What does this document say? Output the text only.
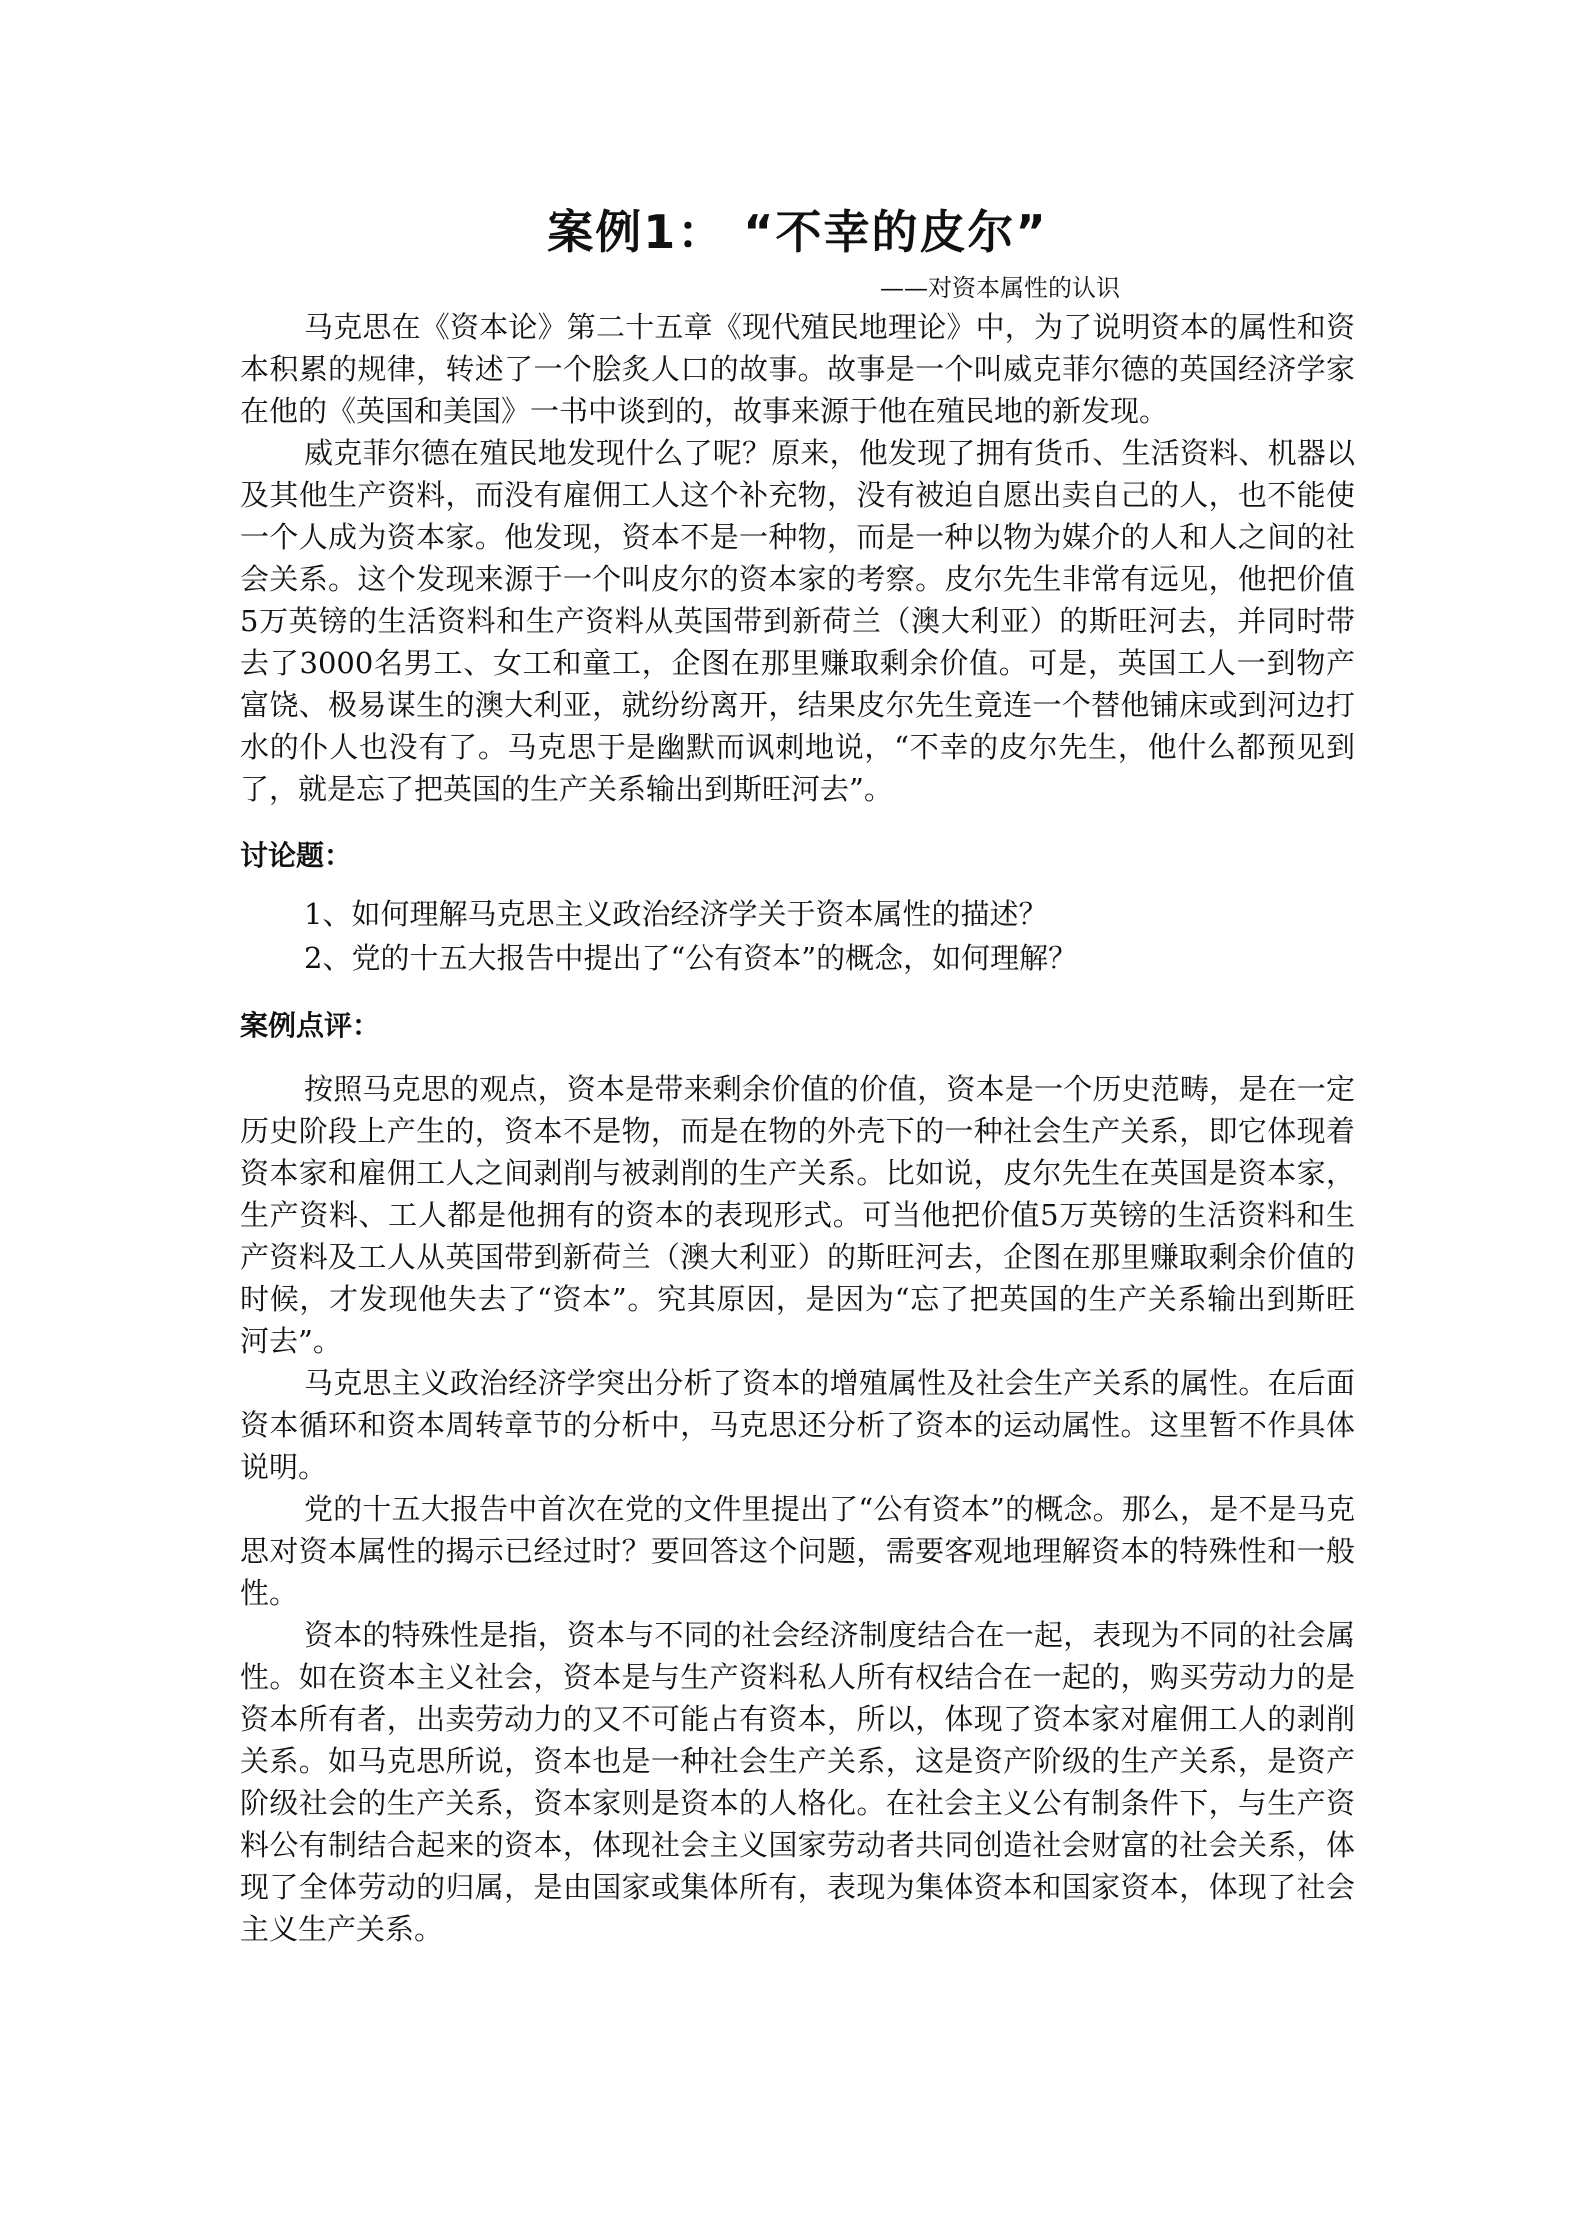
案例1： “不幸的皮尔”
——对资本属性的认识

马克思在《资本论》第二十五章《现代殖民地理论》中，为了说明资本的属性和资本积累的规律，转述了一个脍炙人口的故事。故事是一个叫威克菲尔德的英国经济学家在他的《英国和美国》一书中谈到的，故事来源于他在殖民地的新发现。

威克菲尔德在殖民地发现什么了呢？原来，他发现了拥有货币、生活资料、机器以及其他生产资料，而没有雇佣工人这个补充物，没有被迫自愿出卖自己的人，也不能使一个人成为资本家。他发现，资本不是一种物，而是一种以物为媒介的人和人之间的社会关系。这个发现来源于一个叫皮尔的资本家的考察。皮尔先生非常有远见，他把价值5万英镑的生活资料和生产资料从英国带到新荷兰（澳大利亚）的斯旺河去，并同时带去了3000名男工、女工和童工，企图在那里赚取剩余价值。可是，英国工人一到物产富饶、极易谋生的澳大利亚，就纷纷离开，结果皮尔先生竟连一个替他铺床或到河边打水的仆人也没有了。马克思于是幽默而讽刺地说，“不幸的皮尔先生，他什么都预见到了，就是忘了把英国的生产关系输出到斯旺河去”。

讨论题：

1、如何理解马克思主义政治经济学关于资本属性的描述？

2、党的十五大报告中提出了“公有资本”的概念，如何理解？

案例点评：

按照马克思的观点，资本是带来剩余价值的价值，资本是一个历史范畴，是在一定历史阶段上产生的，资本不是物，而是在物的外壳下的一种社会生产关系，即它体现着资本家和雇佣工人之间剥削与被剥削的生产关系。比如说，皮尔先生在英国是资本家，生产资料、工人都是他拥有的资本的表现形式。可当他把价值5万英镑的生活资料和生产资料及工人从英国带到新荷兰（澳大利亚）的斯旺河去，企图在那里赚取剩余价值的时候，才发现他失去了“资本”。究其原因，是因为“忘了把英国的生产关系输出到斯旺河去”。

马克思主义政治经济学突出分析了资本的增殖属性及社会生产关系的属性。在后面资本循环和资本周转章节的分析中，马克思还分析了资本的运动属性。这里暂不作具体说明。

党的十五大报告中首次在党的文件里提出了“公有资本”的概念。那么，是不是马克思对资本属性的揭示已经过时？要回答这个问题，需要客观地理解资本的特殊性和一般性。

资本的特殊性是指，资本与不同的社会经济制度结合在一起，表现为不同的社会属性。如在资本主义社会，资本是与生产资料私人所有权结合在一起的，购买劳动力的是资本所有者，出卖劳动力的又不可能占有资本，所以，体现了资本家对雇佣工人的剥削关系。如马克思所说，资本也是一种社会生产关系，这是资产阶级的生产关系，是资产阶级社会的生产关系，资本家则是资本的人格化。在社会主义公有制条件下，与生产资料公有制结合起来的资本，体现社会主义国家劳动者共同创造社会财富的社会关系，体现了全体劳动的归属，是由国家或集体所有，表现为集体资本和国家资本，体现了社会主义生产关系。
